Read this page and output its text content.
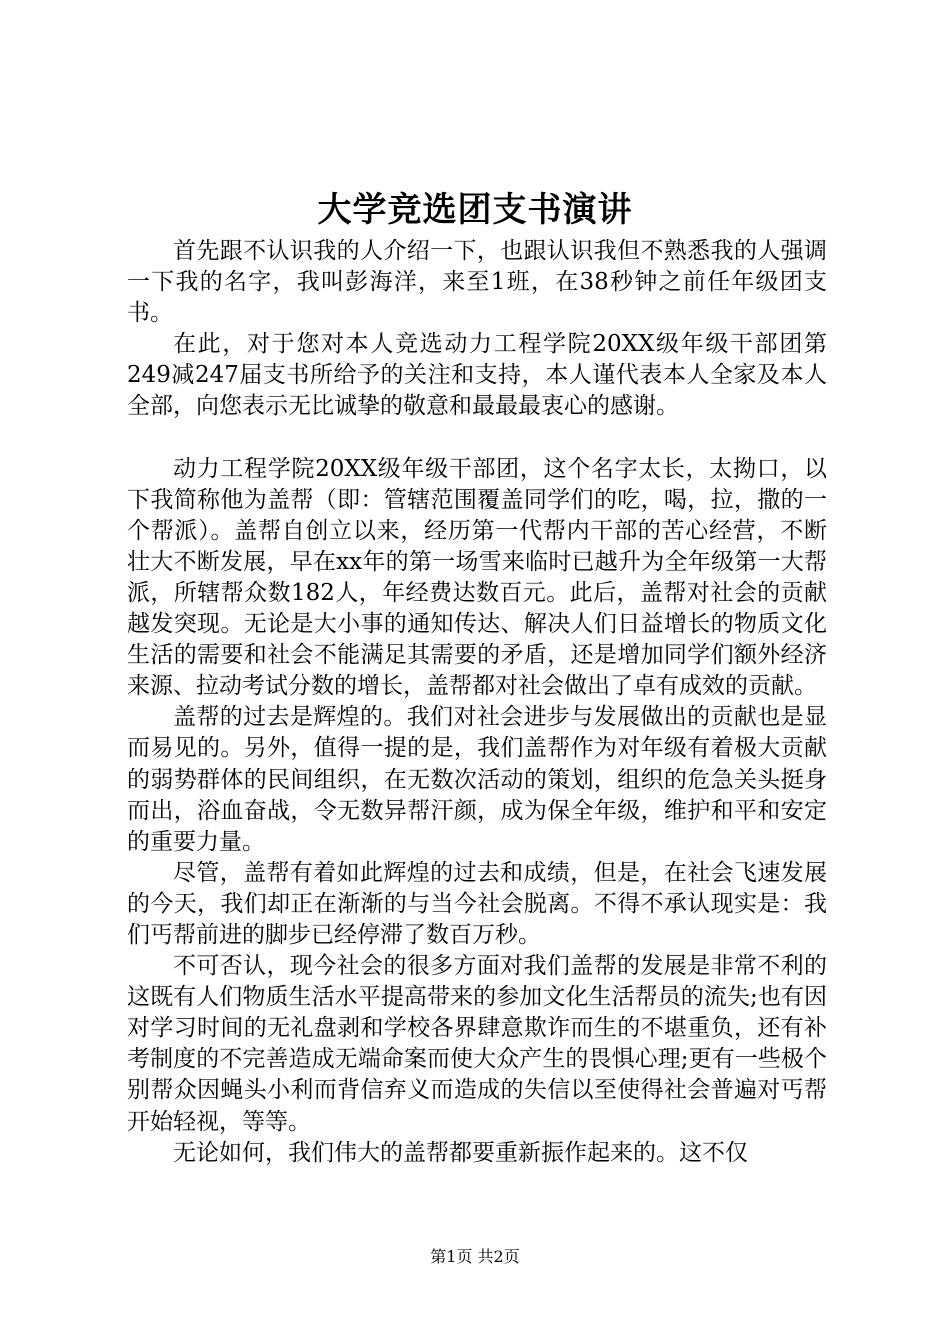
大学竞选团支书演讲

首先跟不认识我的人介绍一下，也跟认识我但不熟悉我的人强调一下我的名字，我叫彭海洋，来至1班，在38秒钟之前任年级团支书。

在此，对于您对本人竞选动力工程学院20XX级年级干部团第249减247届支书所给予的关注和支持，本人谨代表本人全家及本人全部，向您表示无比诚挚的敬意和最最最衷心的感谢。

动力工程学院20XX级年级干部团，这个名字太长，太拗口，以下我简称他为盖帮（即：管辖范围覆盖同学们的吃，喝，拉，撒的一个帮派）。盖帮自创立以来，经历第一代帮内干部的苦心经营，不断壮大不断发展，早在xx年的第一场雪来临时已越升为全年级第一大帮派，所辖帮众数182人，年经费达数百元。此后，盖帮对社会的贡献越发突现。无论是大小事的通知传达、解决人们日益增长的物质文化生活的需要和社会不能满足其需要的矛盾，还是增加同学们额外经济来源、拉动考试分数的增长，盖帮都对社会做出了卓有成效的贡献。

盖帮的过去是辉煌的。我们对社会进步与发展做出的贡献也是显而易见的。另外，值得一提的是，我们盖帮作为对年级有着极大贡献的弱势群体的民间组织，在无数次活动的策划，组织的危急关头挺身而出，浴血奋战，令无数异帮汗颜，成为保全年级，维护和平和安定的重要力量。

尽管，盖帮有着如此辉煌的过去和成绩，但是，在社会飞速发展的今天，我们却正在渐渐的与当今社会脱离。不得不承认现实是：我们丐帮前进的脚步已经停滞了数百万秒。

不可否认，现今社会的很多方面对我们盖帮的发展是非常不利的这既有人们物质生活水平提高带来的参加文化生活帮员的流失;也有因对学习时间的无礼盘剥和学校各界肆意欺诈而生的不堪重负，还有补考制度的不完善造成无端命案而使大众产生的畏惧心理;更有一些极个别帮众因蝇头小利而背信弃义而造成的失信以至使得社会普遍对丐帮开始轻视，等等。

无论如何，我们伟大的盖帮都要重新振作起来的。这不仅

第1页 共2页
